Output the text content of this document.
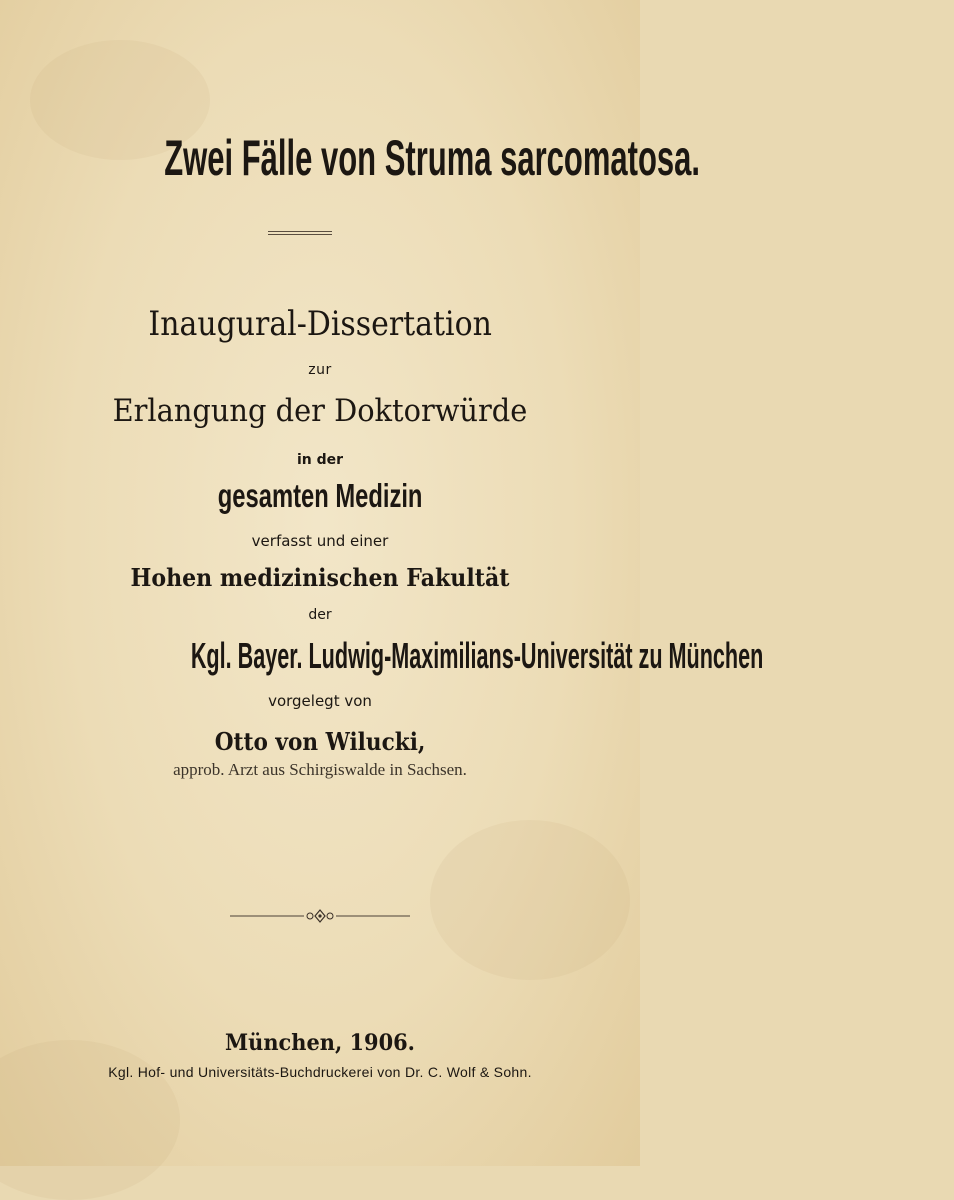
Zwei Fälle von Struma sarcomatosa.
Inaugural-Dissertation
zur
Erlangung der Doktorwürde
in der
gesamten Medizin
verfasst und einer
Hohen medizinischen Fakultät
der
Kgl. Bayer. Ludwig-Maximilians-Universität zu München
vorgelegt von
Otto von Wilucki,
approb. Arzt aus Schirgiswalde in Sachsen.
München, 1906.
Kgl. Hof- und Universitäts-Buchdruckerei von Dr. C. Wolf & Sohn.
